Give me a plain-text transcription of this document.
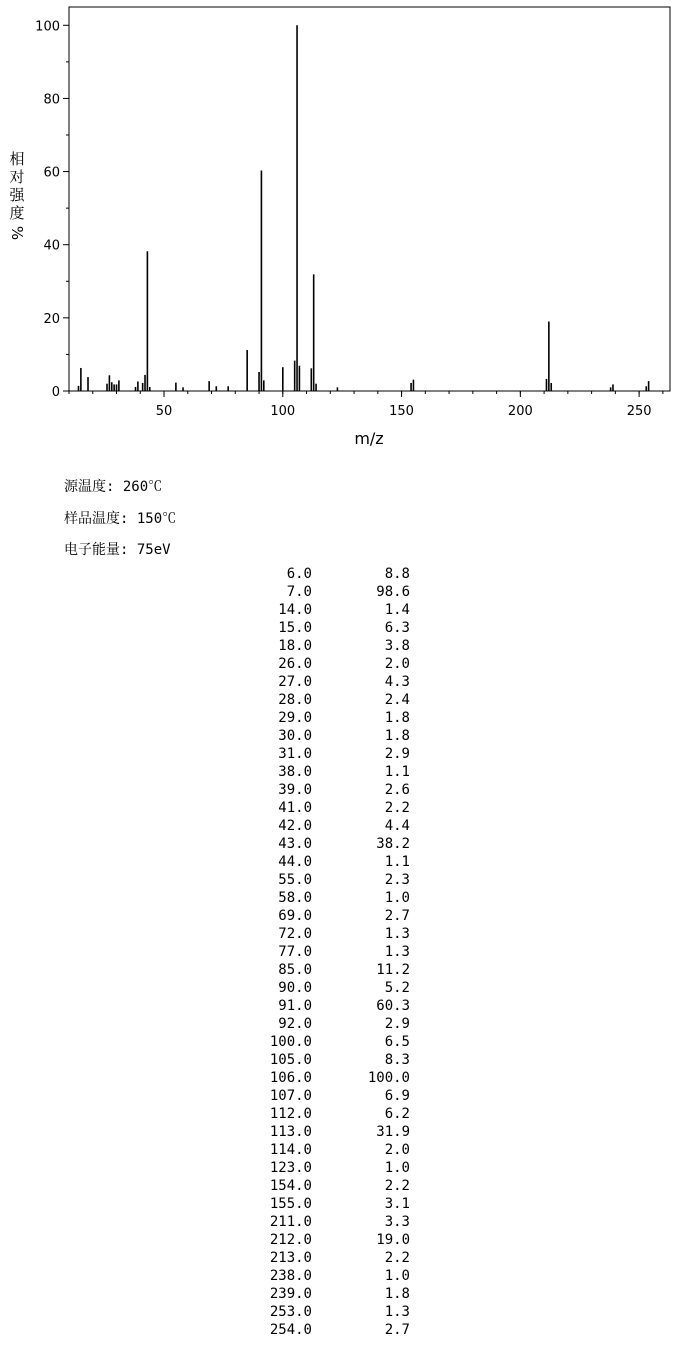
0
20
40
60
80
100
50	100	150	200	250
m/z
相
对
强
度
%
源温度: 260℃
样品温度: 150℃
电子能量: 75eV
6.0	8.8
7.0	98.6
14.0	1.4
15.0	6.3
18.0	3.8
26.0	2.0
27.0	4.3
28.0	2.4
29.0	1.8
30.0	1.8
31.0	2.9
38.0	1.1
39.0	2.6
41.0	2.2
42.0	4.4
43.0	38.2
44.0	1.1
55.0	2.3
58.0	1.0
69.0	2.7
72.0	1.3
77.0	1.3
85.0	11.2
90.0	5.2
91.0	60.3
92.0	2.9
100.0	6.5
105.0	8.3
106.0	100.0
107.0	6.9
112.0	6.2
113.0	31.9
114.0	2.0
123.0	1.0
154.0	2.2
155.0	3.1
211.0	3.3
212.0	19.0
213.0	2.2
238.0	1.0
239.0	1.8
253.0	1.3
254.0	2.7
